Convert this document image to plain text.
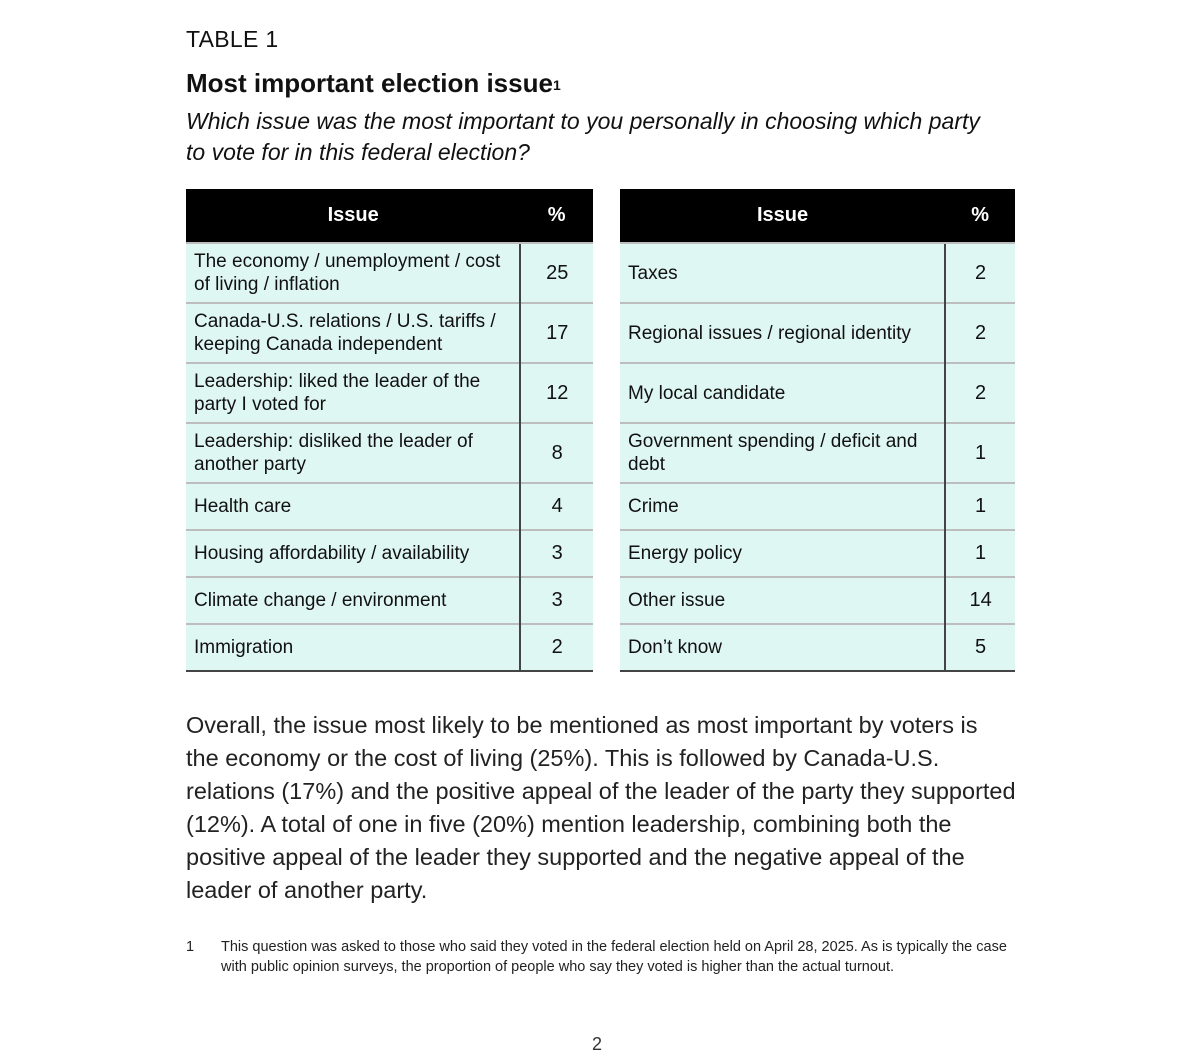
TABLE 1

Most important election issue$^1$

Which issue was the most important to you personally in choosing which party to vote for in this federal election?

Issue	%
The economy / unemployment / cost of living / inflation	25
Canada-U.S. relations / U.S. tariffs / keeping Canada independent	17
Leadership: liked the leader of the party I voted for	12
Leadership: disliked the leader of another party	8
Health care	4
Housing affordability / availability	3
Climate change / environment	3
Immigration	2
Issue	%
Taxes	2
Regional issues / regional identity	2
My local candidate	2
Government spending / deficit and debt	1
Crime	1
Energy policy	1
Other issue	14
Don’t know	5

Overall, the issue most likely to be mentioned as most important by voters is the economy or the cost of living (25%). This is followed by Canada-U.S. relations (17%) and the positive appeal of the leader of the party they supported (12%). A total of one in five (20%) mention leadership, combining both the positive appeal of the leader they supported and the negative appeal of the leader of another party.

1	This question was asked to those who said they voted in the federal election held on April 28, 2025. As is typically the case with public opinion surveys, the proportion of people who say they voted is higher than the actual turnout.
2
